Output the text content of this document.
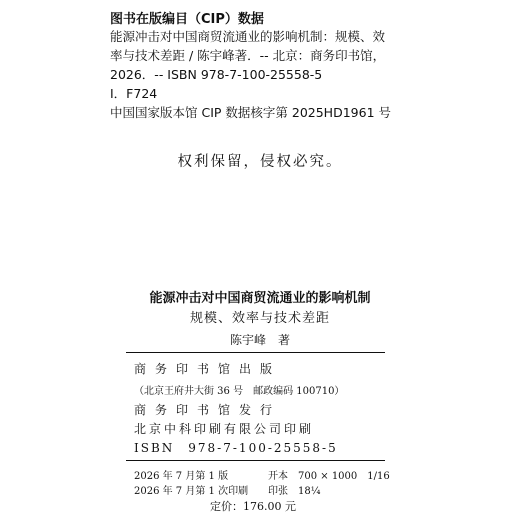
图书在版编目（CIP）数据
能源冲击对中国商贸流通业的影响机制：规模、效
率与技术差距 / 陈宇峰著．-- 北京：商务印书馆，
2026．-- ISBN 978-7-100-25558-5
Ⅰ．F724
中国国家版本馆 CIP 数据核字第 2025HD1961 号
权利保留，侵权必究。
能源冲击对中国商贸流通业的影响机制
规模、效率与技术差距
陈宇峰　著
商务印书馆出版
（北京王府井大街 36 号　邮政编码 100710）
商务印书馆发行
北京中科印刷有限公司印刷
ISBN　978-7-100-25558-5
2026 年 7 月第 1 版	开本　700 × 1000　1/16
2026 年 7 月第 1 次印刷 印张　18¼
定价：176.00 元
